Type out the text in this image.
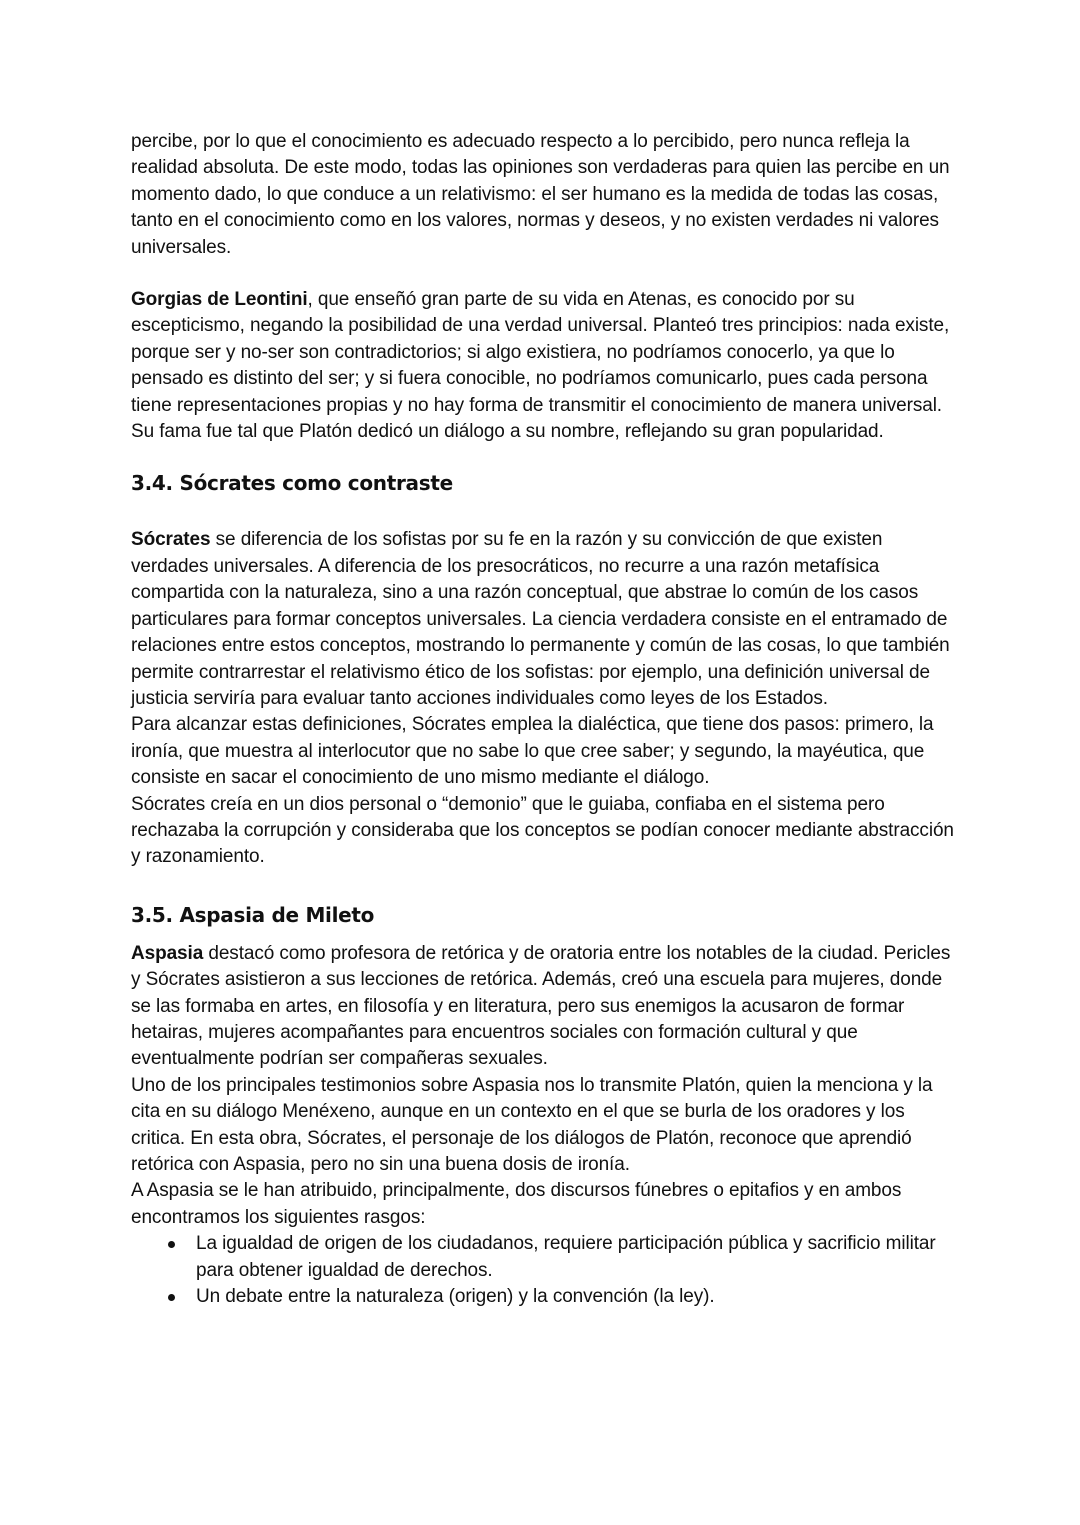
percibe, por lo que el conocimiento es adecuado respecto a lo percibido, pero nunca refleja la realidad absoluta. De este modo, todas las opiniones son verdaderas para quien las percibe en un momento dado, lo que conduce a un relativismo: el ser humano es la medida de todas las cosas, tanto en el conocimiento como en los valores, normas y deseos, y no existen verdades ni valores universales.

Gorgias de Leontini, que enseñó gran parte de su vida en Atenas, es conocido por su escepticismo, negando la posibilidad de una verdad universal. Planteó tres principios: nada existe, porque ser y no-ser son contradictorios; si algo existiera, no podríamos conocerlo, ya que lo pensado es distinto del ser; y si fuera conocible, no podríamos comunicarlo, pues cada persona tiene representaciones propias y no hay forma de transmitir el conocimiento de manera universal. Su fama fue tal que Platón dedicó un diálogo a su nombre, reflejando su gran popularidad.

3.4. Sócrates como contraste

Sócrates se diferencia de los sofistas por su fe en la razón y su convicción de que existen verdades universales. A diferencia de los presocráticos, no recurre a una razón metafísica compartida con la naturaleza, sino a una razón conceptual, que abstrae lo común de los casos particulares para formar conceptos universales. La ciencia verdadera consiste en el entramado de relaciones entre estos conceptos, mostrando lo permanente y común de las cosas, lo que también permite contrarrestar el relativismo ético de los sofistas: por ejemplo, una definición universal de justicia serviría para evaluar tanto acciones individuales como leyes de los Estados.

Para alcanzar estas definiciones, Sócrates emplea la dialéctica, que tiene dos pasos: primero, la ironía, que muestra al interlocutor que no sabe lo que cree saber; y segundo, la mayéutica, que consiste en sacar el conocimiento de uno mismo mediante el diálogo.

Sócrates creía en un dios personal o “demonio” que le guiaba, confiaba en el sistema pero rechazaba la corrupción y consideraba que los conceptos se podían conocer mediante abstracción y razonamiento.

3.5. Aspasia de Mileto

Aspasia destacó como profesora de retórica y de oratoria entre los notables de la ciudad. Pericles y Sócrates asistieron a sus lecciones de retórica. Además, creó una escuela para mujeres, donde se las formaba en artes, en filosofía y en literatura, pero sus enemigos la acusaron de formar hetairas, mujeres acompañantes para encuentros sociales con formación cultural y que eventualmente podrían ser compañeras sexuales.

Uno de los principales testimonios sobre Aspasia nos lo transmite Platón, quien la menciona y la cita en su diálogo Menéxeno, aunque en un contexto en el que se burla de los oradores y los critica. En esta obra, Sócrates, el personaje de los diálogos de Platón, reconoce que aprendió retórica con Aspasia, pero no sin una buena dosis de ironía.

A Aspasia se le han atribuido, principalmente, dos discursos fúnebres o epitafios y en ambos encontramos los siguientes rasgos:

La igualdad de origen de los ciudadanos, requiere participación pública y sacrificio militar para obtener igualdad de derechos.
Un debate entre la naturaleza (origen) y la convención (la ley).
